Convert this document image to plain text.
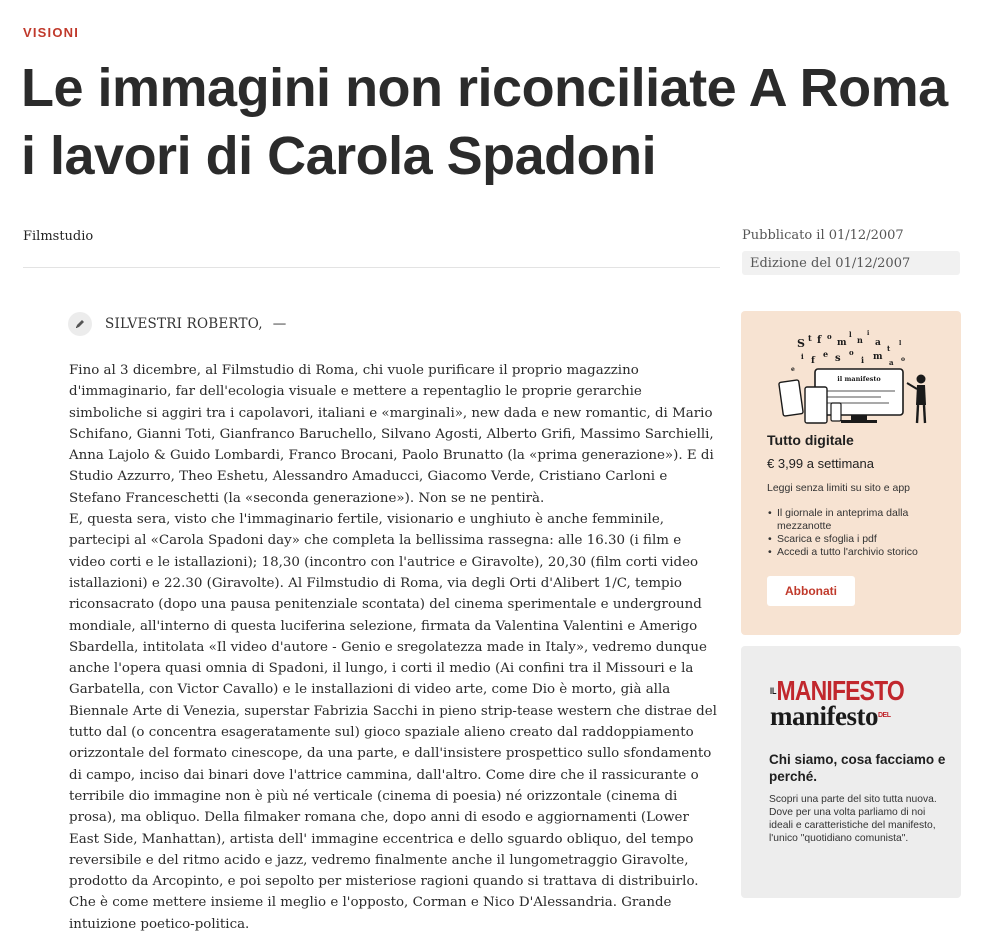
VISIONI
Le immagini non riconciliate A Roma i lavori di Carola Spadoni
Filmstudio	Pubblicato il 01/12/2007
Edizione del 01/12/2007
SILVESTRI ROBERTO, —

Fino al 3 dicembre, al Filmstudio di Roma, chi vuole purificare il proprio magazzino d'immaginario, far dell'ecologia visuale e mettere a repentaglio le proprie gerarchie simboliche si aggiri tra i capolavori, italiani e «marginali», new dada e new romantic, di Mario Schifano, Gianni Toti, Gianfranco Baruchello, Silvano Agosti, Alberto Grifi, Massimo Sarchielli, Anna Lajolo & Guido Lombardi, Franco Brocani, Paolo Brunatto (la «prima generazione»). E di Studio Azzurro, Theo Eshetu, Alessandro Amaducci, Giacomo Verde, Cristiano Carloni e Stefano Franceschetti (la «seconda generazione»). Non se ne pentirà.

E, questa sera, visto che l'immaginario fertile, visionario e unghiuto è anche femminile, partecipi al «Carola Spadoni day» che completa la bellissima rassegna: alle 16.30 (i film e video corti e le istallazioni); 18,30 (incontro con l'autrice e Giravolte), 20,30 (film corti video istallazioni) e 22.30 (Giravolte). Al Filmstudio di Roma, via degli Orti d'Alibert 1/C, tempio riconsacrato (dopo una pausa penitenziale scontata) del cinema sperimentale e underground mondiale, all'interno di questa luciferina selezione, firmata da Valentina Valentini e Amerigo Sbardella, intitolata «Il video d'autore - Genio e sregolatezza made in Italy», vedremo dunque anche l'opera quasi omnia di Spadoni, il lungo, i corti il medio (Ai confini tra il Missouri e la Garbatella, con Victor Cavallo) e le installazioni di video arte, come Dio è morto, già alla Biennale Arte di Venezia, superstar Fabrizia Sacchi in pieno strip-tease western che distrae del tutto dal (o concentra esageratamente sul) gioco spaziale alieno creato dal raddoppiamento orizzontale del formato cinescope, da una parte, e dall'insistere prospettico sullo sfondamento di campo, inciso dai binari dove l'attrice cammina, dall'altro. Come dire che il rassicurante o terribile dio immagine non è più né verticale (cinema di poesia) né orizzontale (cinema di prosa), ma obliquo. Della filmaker romana che, dopo anni di esodo e aggiornamenti (Lower East Side, Manhattan), artista dell' immagine eccentrica e dello sguardo obliquo, del tempo reversibile e del ritmo acido e jazz, vedremo finalmente anche il lungometraggio Giravolte, prodotto da Arcopinto, e poi sepolto per misteriose ragioni quando si trattava di distribuirlo. Che è come mettere insieme il meglio e l'opposto, Corman e Nico D'Alessandria. Grande intuizione poetico-politica.

S t f o
m
l
n
i
a
t
i f
e s
o
i m
a o
e
l
il manifesto
Tutto digitale
€ 3,99 a settimana
Leggi senza limiti su sito e app
• Il giornale in anteprima dalla mezzanotte
• Scarica e sfoglia i pdf
• Accedi a tutto l'archivio storico
Abbonati
$^{IL}$MANIFESTO
manifesto$^{DEL}$
Chi siamo, cosa facciamo e perché.
Scopri una parte del sito tutta nuova. Dove per una volta parliamo di noi ideali e caratteristiche del manifesto, l'unico "quotidiano comunista".
